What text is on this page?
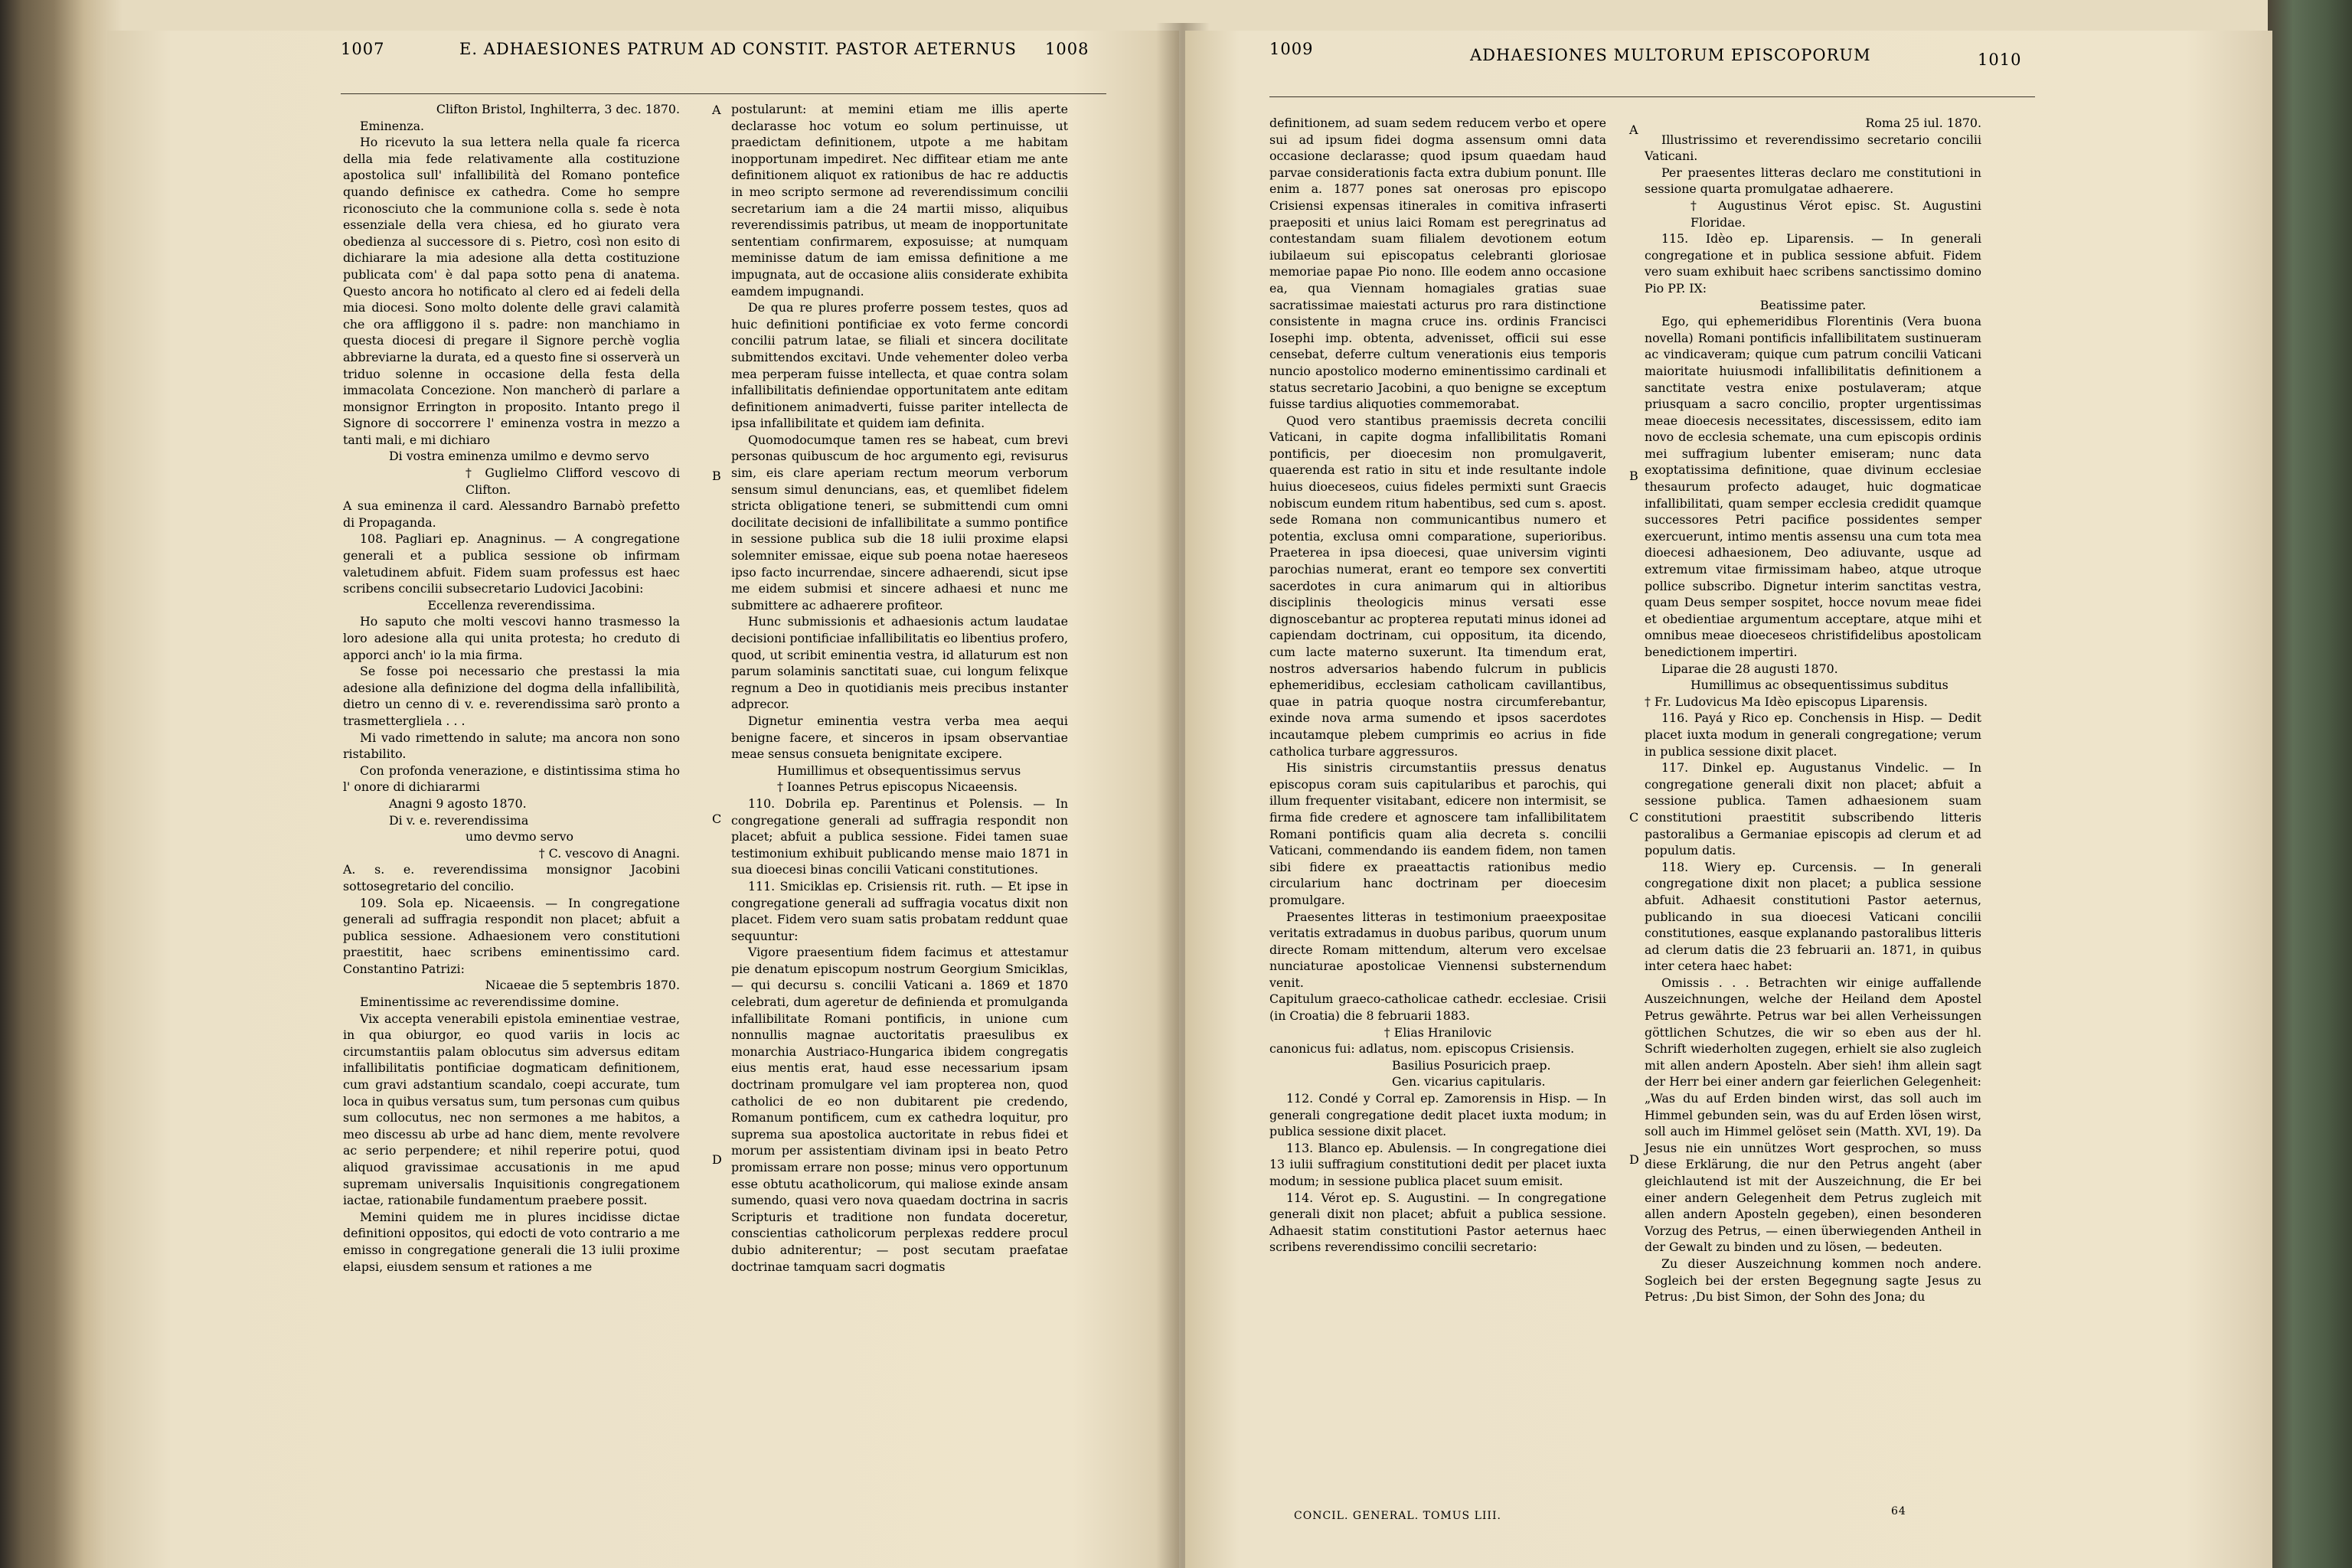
1007	E. ADHAESIONES PATRUM AD CONSTIT. PASTOR AETERNUS 1008

Clifton Bristol, Inghilterra, 3 dec. 1870.

Eminenza.

Ho ricevuto la sua lettera nella quale fa ricerca della mia fede relativamente alla costituzione apostolica sull' infallibilità del Romano pontefice quando definisce ex cathedra. Come ho sempre riconosciuto che la communione colla s. sede è nota essenziale della vera chiesa, ed ho giurato vera obedienza al successore di s. Pietro, così non esito di dichiarare la mia adesione alla detta costituzione publicata com' è dal papa sotto pena di anatema. Questo ancora ho notificato al clero ed ai fedeli della mia diocesi. Sono molto dolente delle gravi calamità che ora affliggono il s. padre: non manchiamo in questa diocesi di pregare il Signore perchè voglia abbreviarne la durata, ed a questo fine si osserverà un triduo solenne in occasione della festa della immacolata Concezione. Non mancherò di parlare a monsignor Errington in proposito. Intanto prego il Signore di soccorrere l' eminenza vostra in mezzo a tanti mali, e mi dichiaro

Di vostra eminenza umilmo e devmo servo

† Guglielmo Clifford vescovo di Clifton.

A sua eminenza il card. Alessandro Barnabò prefetto di Propaganda.

108. Pagliari ep. Anagninus. — A congregatione generali et a publica sessione ob infirmam valetudinem abfuit. Fidem suam professus est haec scribens concilii subsecretario Ludovici Jacobini:

Eccellenza reverendissima.

Ho saputo che molti vescovi hanno trasmesso la loro adesione alla qui unita protesta; ho creduto di apporci anch' io la mia firma.

Se fosse poi necessario che prestassi la mia adesione alla definizione del dogma della infallibilità, dietro un cenno di v. e. reverendissima sarò pronto a trasmettergliela . . .

Mi vado rimettendo in salute; ma ancora non sono ristabilito.

Con profonda venerazione, e distintissima stima ho l' onore di dichiararmi

Anagni 9 agosto 1870.

Di v. e. reverendissima

umo devmo servo

† C. vescovo di Anagni.

A. s. e. reverendissima monsignor Jacobini sottosegretario del concilio.

109. Sola ep. Nicaeensis. — In congregatione generali ad suffragia respondit non placet; abfuit a publica sessione. Adhaesionem vero constitutioni praestitit, haec scribens eminentissimo card. Constantino Patrizi:

Nicaeae die 5 septembris 1870.

Eminentissime ac reverendissime domine.

Vix accepta venerabili epistola eminentiae vestrae, in qua obiurgor, eo quod variis in locis ac circumstantiis palam oblocutus sim adversus editam infallibilitatis pontificiae dogmaticam definitionem, cum gravi adstantium scandalo, coepi accurate, tum loca in quibus versatus sum, tum personas cum quibus sum collocutus, nec non sermones a me habitos, a meo discessu ab urbe ad hanc diem, mente revolvere ac serio perpendere; et nihil reperire potui, quod aliquod gravissimae accusationis in me apud supremam universalis Inquisitionis congregationem iactae, rationabile fundamentum praebere possit.

Memini quidem me in plures incidisse dictae definitioni oppositos, qui edocti de voto contrario a me emisso in congregatione generali die 13 iulii proxime elapsi, eiusdem sensum et rationes a me

postularunt: at memini etiam me illis aperte declarasse hoc votum eo solum pertinuisse, ut praedictam definitionem, utpote a me habitam inopportunam impediret. Nec diffitear etiam me ante definitionem aliquot ex rationibus de hac re adductis in meo scripto sermone ad reverendissimum concilii secretarium iam a die 24 martii misso, aliquibus reverendissimis patribus, ut meam de inopportunitate sententiam confirmarem, exposuisse; at numquam meminisse datum de iam emissa definitione a me impugnata, aut de occasione aliis considerate exhibita eamdem impugnandi.

De qua re plures proferre possem testes, quos ad huic definitioni pontificiae ex voto ferme concordi concilii patrum latae, se filiali et sincera docilitate submittendos excitavi. Unde vehementer doleo verba mea perperam fuisse intellecta, et quae contra solam infallibilitatis definiendae opportunitatem ante editam definitionem animadverti, fuisse pariter intellecta de ipsa infallibilitate et quidem iam definita.

Quomodocumque tamen res se habeat, cum brevi personas quibuscum de hoc argumento egi, revisurus sim, eis clare aperiam rectum meorum verborum sensum simul denuncians, eas, et quemlibet fidelem stricta obligatione teneri, se submittendi cum omni docilitate decisioni de infallibilitate a summo pontifice in sessione publica sub die 18 iulii proxime elapsi solemniter emissae, eique sub poena notae haereseos ipso facto incurrendae, sincere adhaerendi, sicut ipse me eidem submisi et sincere adhaesi et nunc me submittere ac adhaerere profiteor.

Hunc submissionis et adhaesionis actum laudatae decisioni pontificiae infallibilitatis eo libentius profero, quod, ut scribit eminentia vestra, id allaturum est non parum solaminis sanctitati suae, cui longum felixque regnum a Deo in quotidianis meis precibus instanter adprecor.

Dignetur eminentia vestra verba mea aequi benigne facere, et sinceros in ipsam observantiae meae sensus consueta benignitate excipere.

Humillimus et obsequentissimus servus

† Ioannes Petrus episcopus Nicaeensis.

110. Dobrila ep. Parentinus et Polensis. — In congregatione generali ad suffragia respondit non placet; abfuit a publica sessione. Fidei tamen suae testimonium exhibuit publicando mense maio 1871 in sua dioecesi binas concilii Vaticani constitutiones.

111. Smiciklas ep. Crisiensis rit. ruth. — Et ipse in congregatione generali ad suffragia vocatus dixit non placet. Fidem vero suam satis probatam reddunt quae sequuntur:

Vigore praesentium fidem facimus et attestamur pie denatum episcopum nostrum Georgium Smiciklas, — qui decursu s. concilii Vaticani a. 1869 et 1870 celebrati, dum ageretur de definienda et promulganda infallibilitate Romani pontificis, in unione cum nonnullis magnae auctoritatis praesulibus ex monarchia Austriaco-Hungarica ibidem congregatis eius mentis erat, haud esse necessarium ipsam doctrinam promulgare vel iam propterea non, quod catholici de eo non dubitarent pie credendo, Romanum pontificem, cum ex cathedra loquitur, pro suprema sua apostolica auctoritate in rebus fidei et morum per assistentiam divinam ipsi in beato Petro promissam errare non posse; minus vero opportunum esse obtutu acatholicorum, qui maliose exinde ansam sumendo, quasi vero nova quaedam doctrina in sacris Scripturis et traditione non fundata doceretur, conscientias catholicorum perplexas reddere procul dubio adniterentur; — post secutam praefatae doctrinae tamquam sacri dogmatis

A
B
C
D
1009	ADHAESIONES MULTORUM EPISCOPORUM	1010

definitionem, ad suam sedem reducem verbo et opere sui ad ipsum fidei dogma assensum omni data occasione declarasse; quod ipsum quaedam haud parvae considerationis facta extra dubium ponunt. Ille enim a. 1877 pones sat onerosas pro episcopo Crisiensi expensas itinerales in comitiva infraserti praepositi et unius laici Romam est peregrinatus ad contestandam suam filialem devotionem eotum iubilaeum sui episcopatus celebranti gloriosae memoriae papae Pio nono. Ille eodem anno occasione ea, qua Viennam homagiales gratias suae sacratissimae maiestati acturus pro rara distinctione consistente in magna cruce ins. ordinis Francisci Iosephi imp. obtenta, advenisset, officii sui esse censebat, deferre cultum venerationis eius temporis nuncio apostolico moderno eminentissimo cardinali et status secretario Jacobini, a quo benigne se exceptum fuisse tardius aliquoties commemorabat.

Quod vero stantibus praemissis decreta concilii Vaticani, in capite dogma infallibilitatis Romani pontificis, per dioecesim non promulgaverit, quaerenda est ratio in situ et inde resultante indole huius dioeceseos, cuius fideles permixti sunt Graecis nobiscum eundem ritum habentibus, sed cum s. apost. sede Romana non communicantibus numero et potentia, exclusa omni comparatione, superioribus. Praeterea in ipsa dioecesi, quae universim viginti parochias numerat, erant eo tempore sex convertiti sacerdotes in cura animarum qui in altioribus disciplinis theologicis minus versati esse dignoscebantur ac propterea reputati minus idonei ad capiendam doctrinam, cui oppositum, ita dicendo, cum lacte materno suxerunt. Ita timendum erat, nostros adversarios habendo fulcrum in publicis ephemeridibus, ecclesiam catholicam cavillantibus, quae in patria quoque nostra circumferebantur, exinde nova arma sumendo et ipsos sacerdotes incautamque plebem cumprimis eo acrius in fide catholica turbare aggressuros.

His sinistris circumstantiis pressus denatus episcopus coram suis capitularibus et parochis, qui illum frequenter visitabant, edicere non intermisit, se firma fide credere et agnoscere tam infallibilitatem Romani pontificis quam alia decreta s. concilii Vaticani, commendando iis eandem fidem, non tamen sibi fidere ex praeattactis rationibus medio circularium hanc doctrinam per dioecesim promulgare.

Praesentes litteras in testimonium praeexpositae veritatis extradamus in duobus paribus, quorum unum directe Romam mittendum, alterum vero excelsae nunciaturae apostolicae Viennensi substernendum venit.

Capitulum graeco-catholicae cathedr. ecclesiae. Crisii (in Croatia) die 8 februarii 1883.

† Elias Hranilovic

canonicus fui: adlatus, nom. episcopus Crisiensis.

Basilius Posuricich praep.

Gen. vicarius capitularis.

112. Condé y Corral ep. Zamorensis in Hisp. — In generali congregatione dedit placet iuxta modum; in publica sessione dixit placet.

113. Blanco ep. Abulensis. — In congregatione diei 13 iulii suffragium constitutioni dedit per placet iuxta modum; in sessione publica placet suum emisit.

114. Vérot ep. S. Augustini. — In congregatione generali dixit non placet; abfuit a publica sessione. Adhaesit statim constitutioni Pastor aeternus haec scribens reverendissimo concilii secretario:

Roma 25 iul. 1870.

Illustrissimo et reverendissimo secretario concilii Vaticani.

Per praesentes litteras declaro me constitutioni in sessione quarta promulgatae adhaerere.

† Augustinus Vérot episc. St. Augustini Floridae.

115. Idèo ep. Liparensis. — In generali congregatione et in publica sessione abfuit. Fidem vero suam exhibuit haec scribens sanctissimo domino Pio PP. IX:

Beatissime pater.

Ego, qui ephemeridibus Florentinis (Vera buona novella) Romani pontificis infallibilitatem sustinueram ac vindicaveram; quique cum patrum concilii Vaticani maioritate huiusmodi infallibilitatis definitionem a sanctitate vestra enixe postulaveram; atque priusquam a sacro concilio, propter urgentissimas meae dioecesis necessitates, discessissem, edito iam novo de ecclesia schemate, una cum episcopis ordinis mei suffragium lubenter emiseram; nunc data exoptatissima definitione, quae divinum ecclesiae thesaurum profecto adauget, huic dogmaticae infallibilitati, quam semper ecclesia credidit quamque successores Petri pacifice possidentes semper exercuerunt, intimo mentis assensu una cum tota mea dioecesi adhaesionem, Deo adiuvante, usque ad extremum vitae firmissimam habeo, atque utroque pollice subscribo. Dignetur interim sanctitas vestra, quam Deus semper sospitet, hocce novum meae fidei et obedientiae argumentum acceptare, atque mihi et omnibus meae dioeceseos christifidelibus apostolicam benedictionem impertiri.

Liparae die 28 augusti 1870.

Humillimus ac obsequentissimus subditus

† Fr. Ludovicus Ma Idèo episcopus Liparensis.

116. Payá y Rico ep. Conchensis in Hisp. — Dedit placet iuxta modum in generali congregatione; verum in publica sessione dixit placet.

117. Dinkel ep. Augustanus Vindelic. — In congregatione generali dixit non placet; abfuit a sessione publica. Tamen adhaesionem suam constitutioni praestitit subscribendo litteris pastoralibus a Germaniae episcopis ad clerum et ad populum datis.

118. Wiery ep. Curcensis. — In generali congregatione dixit non placet; a publica sessione abfuit. Adhaesit constitutioni Pastor aeternus, publicando in sua dioecesi Vaticani concilii constitutiones, easque explanando pastoralibus litteris ad clerum datis die 23 februarii an. 1871, in quibus inter cetera haec habet:

Omissis . . . Betrachten wir einige auffallende Auszeichnungen, welche der Heiland dem Apostel Petrus gewährte. Petrus war bei allen Verheissungen göttlichen Schutzes, die wir so eben aus der hl. Schrift wiederholten zugegen, erhielt sie also zugleich mit allen andern Aposteln. Aber sieh! ihm allein sagt der Herr bei einer andern gar feierlichen Gelegenheit: „Was du auf Erden binden wirst, das soll auch im Himmel gebunden sein, was du auf Erden lösen wirst, soll auch im Himmel gelöset sein (Matth. XVI, 19). Da Jesus nie ein unnützes Wort gesprochen, so muss diese Erklärung, die nur den Petrus angeht (aber gleichlautend ist mit der Auszeichnung, die Er bei einer andern Gelegenheit dem Petrus zugleich mit allen andern Aposteln gegeben), einen besonderen Vorzug des Petrus, — einen überwiegenden Antheil in der Gewalt zu binden und zu lösen, — bedeuten.

Zu dieser Auszeichnung kommen noch andere. Sogleich bei der ersten Begegnung sagte Jesus zu Petrus: ‚Du bist Simon, der Sohn des Jona; du

A
B
C
D
CONCIL. GENERAL. TOMUS LIII.	64
